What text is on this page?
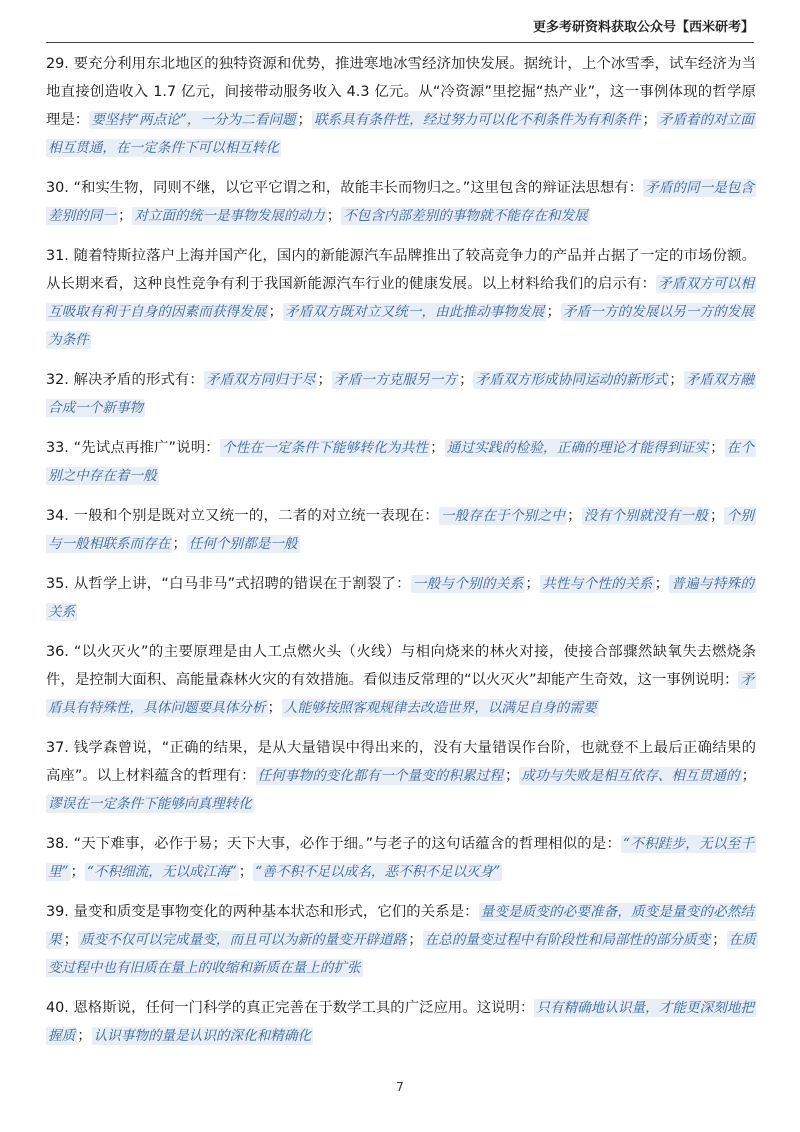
更多考研资料获取公众号【西米研考】

29. 要充分利用东北地区的独特资源和优势，推进寒地冰雪经济加快发展。据统计，上个冰雪季，试车经济为当地直接创造收入 1.7 亿元，间接带动服务收入 4.3 亿元。从“冷资源”里挖掘“热产业”，这一事例体现的哲学原理是： 要坚持“两点论”，一分为二看问题 ； 联系具有条件性，经过努力可以化不利条件为有利条件 ； 矛盾着的对立面相互贯通，在一定条件下可以相互转化

30. “和实生物，同则不继，以它平它谓之和，故能丰长而物归之。”这里包含的辩证法思想有： 矛盾的同一是包含差别的同一 ； 对立面的统一是事物发展的动力 ； 不包含内部差别的事物就不能存在和发展

31. 随着特斯拉落户上海并国产化，国内的新能源汽车品牌推出了较高竞争力的产品并占据了一定的市场份额。从长期来看，这种良性竞争有利于我国新能源汽车行业的健康发展。以上材料给我们的启示有： 矛盾双方可以相互吸取有利于自身的因素而获得发展 ； 矛盾双方既对立又统一，由此推动事物发展 ； 矛盾一方的发展以另一方的发展为条件

32. 解决矛盾的形式有： 矛盾双方同归于尽 ； 矛盾一方克服另一方 ； 矛盾双方形成协同运动的新形式 ； 矛盾双方融合成一个新事物

33. “先试点再推广”说明： 个性在一定条件下能够转化为共性 ； 通过实践的检验，正确的理论才能得到证实 ； 在个别之中存在着一般

34. 一般和个别是既对立又统一的，二者的对立统一表现在： 一般存在于个别之中 ； 没有个别就没有一般 ； 个别与一般相联系而存在 ； 任何个别都是一般

35. 从哲学上讲，“白马非马”式招聘的错误在于割裂了： 一般与个别的关系 ； 共性与个性的关系 ； 普遍与特殊的关系

36. “以火灭火”的主要原理是由人工点燃火头（火线）与相向烧来的林火对接，使接合部骤然缺氧失去燃烧条件，是控制大面积、高能量森林火灾的有效措施。看似违反常理的“以火灭火”却能产生奇效，这一事例说明： 矛盾具有特殊性，具体问题要具体分析 ； 人能够按照客观规律去改造世界，以满足自身的需要

37. 钱学森曾说，“正确的结果，是从大量错误中得出来的，没有大量错误作台阶，也就登不上最后正确结果的高座”。以上材料蕴含的哲理有： 任何事物的变化都有一个量变的积累过程 ； 成功与失败是相互依存、相互贯通的 ；谬误在一定条件下能够向真理转化

38. “天下难事，必作于易；天下大事，必作于细。”与老子的这句话蕴含的哲理相似的是： “不积跬步，无以至千里” ； “不积细流，无以成江海” ； “善不积不足以成名，恶不积不足以灭身”

39. 量变和质变是事物变化的两种基本状态和形式，它们的关系是： 量变是质变的必要准备，质变是量变的必然结果 ； 质变不仅可以完成量变，而且可以为新的量变开辟道路 ； 在总的量变过程中有阶段性和局部性的部分质变 ； 在质变过程中也有旧质在量上的收缩和新质在量上的扩张

40. 恩格斯说，任何一门科学的真正完善在于数学工具的广泛应用。这说明： 只有精确地认识量，才能更深刻地把握质 ； 认识事物的量是认识的深化和精确化

7
